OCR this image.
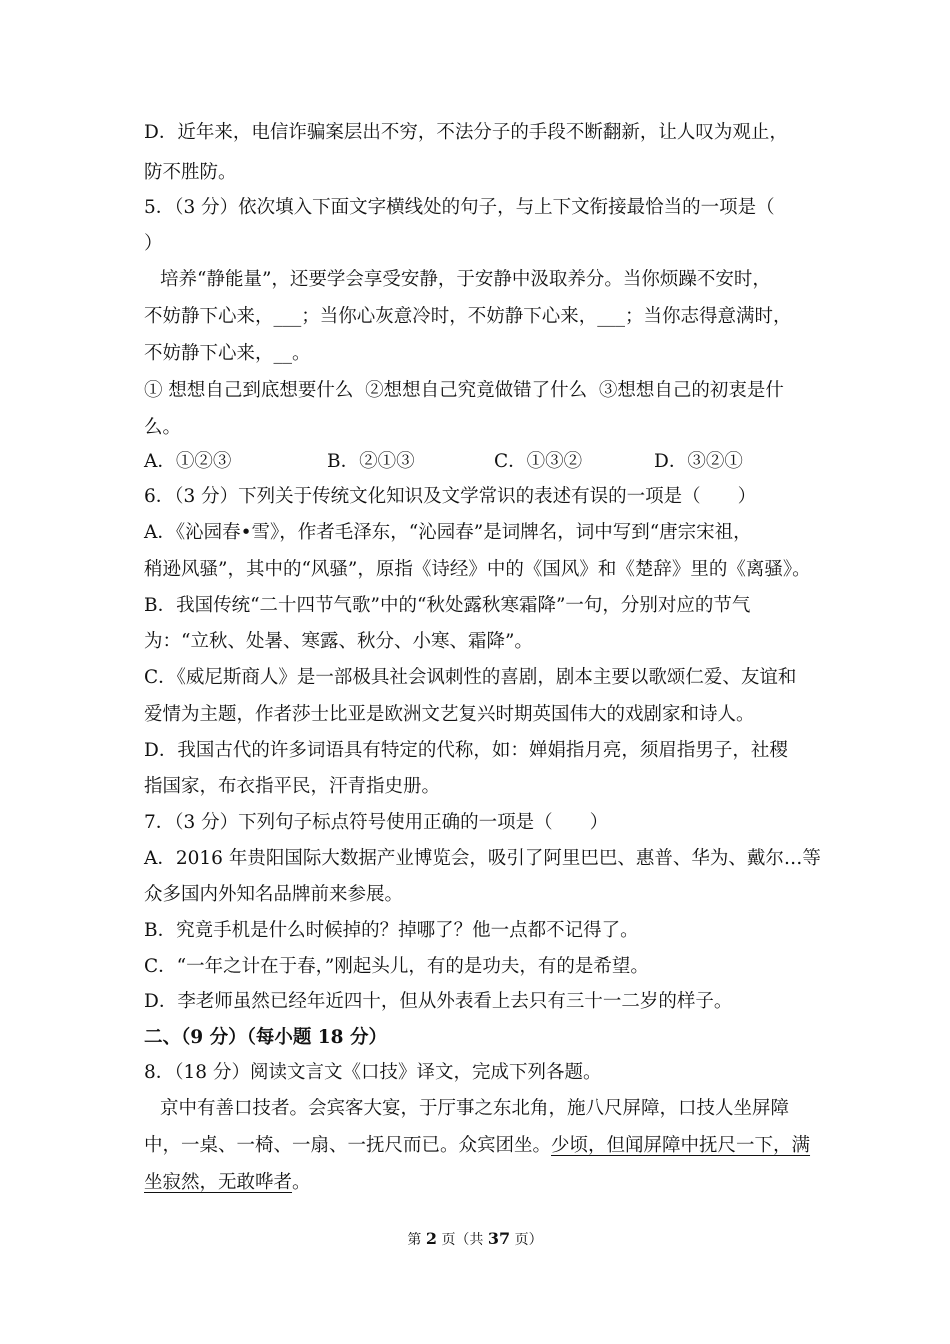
D．近年来，电信诈骗案层出不穷，不法分子的手段不断翻新，让人叹为观止，
防不胜防。
5．（3 分）依次填入下面文字横线处的句子，与上下文衔接最恰当的一项是（
）
培养“静能量”，还要学会享受安静，于安静中汲取养分。当你烦躁不安时，
不妨静下心来，___；当你心灰意冷时，不妨静下心来，___；当你志得意满时，
不妨静下心来，__。
① 想想自己到底想要什么  ②想想自己究竟做错了什么  ③想想自己的初衷是什
么。
A．①②③	B．②①③	C．①③②	D．③②①
6．（3 分）下列关于传统文化知识及文学常识的表述有误的一项是（　　）
A．《沁园春•雪》，作者毛泽东，“沁园春”是词牌名，词中写到“唐宗宋祖，
稍逊风骚”，其中的“风骚”，原指《诗经》中的《国风》和《楚辞》里的《离骚》。
B．我国传统“二十四节气歌”中的“秋处露秋寒霜降”一句，分别对应的节气
为：“立秋、处暑、寒露、秋分、小寒、霜降”。
C．《威尼斯商人》是一部极具社会讽刺性的喜剧，剧本主要以歌颂仁爱、友谊和
爱情为主题，作者莎士比亚是欧洲文艺复兴时期英国伟大的戏剧家和诗人。
D．我国古代的许多词语具有特定的代称，如：婵娟指月亮，须眉指男子，社稷
指国家，布衣指平民，汗青指史册。
7．（3 分）下列句子标点符号使用正确的一项是（　　）
A．2016 年贵阳国际大数据产业博览会，吸引了阿里巴巴、惠普、华为、戴尔…等
众多国内外知名品牌前来参展。
B．究竟手机是什么时候掉的？掉哪了？他一点都不记得了。
C．“一年之计在于春，”刚起头儿，有的是功夫，有的是希望。
D．李老师虽然已经年近四十，但从外表看上去只有三十一二岁的样子。
二、（9 分）（每小题 18 分）
8．（18 分）阅读文言文《口技》译文，完成下列各题。
京中有善口技者。会宾客大宴，于厅事之东北角，施八尺屏障，口技人坐屏障
中，一桌、一椅、一扇、一抚尺而已。众宾团坐。少顷，但闻屏障中抚尺一下，满
坐寂然，无敢哗者。
第 2 页（共 37 页）
